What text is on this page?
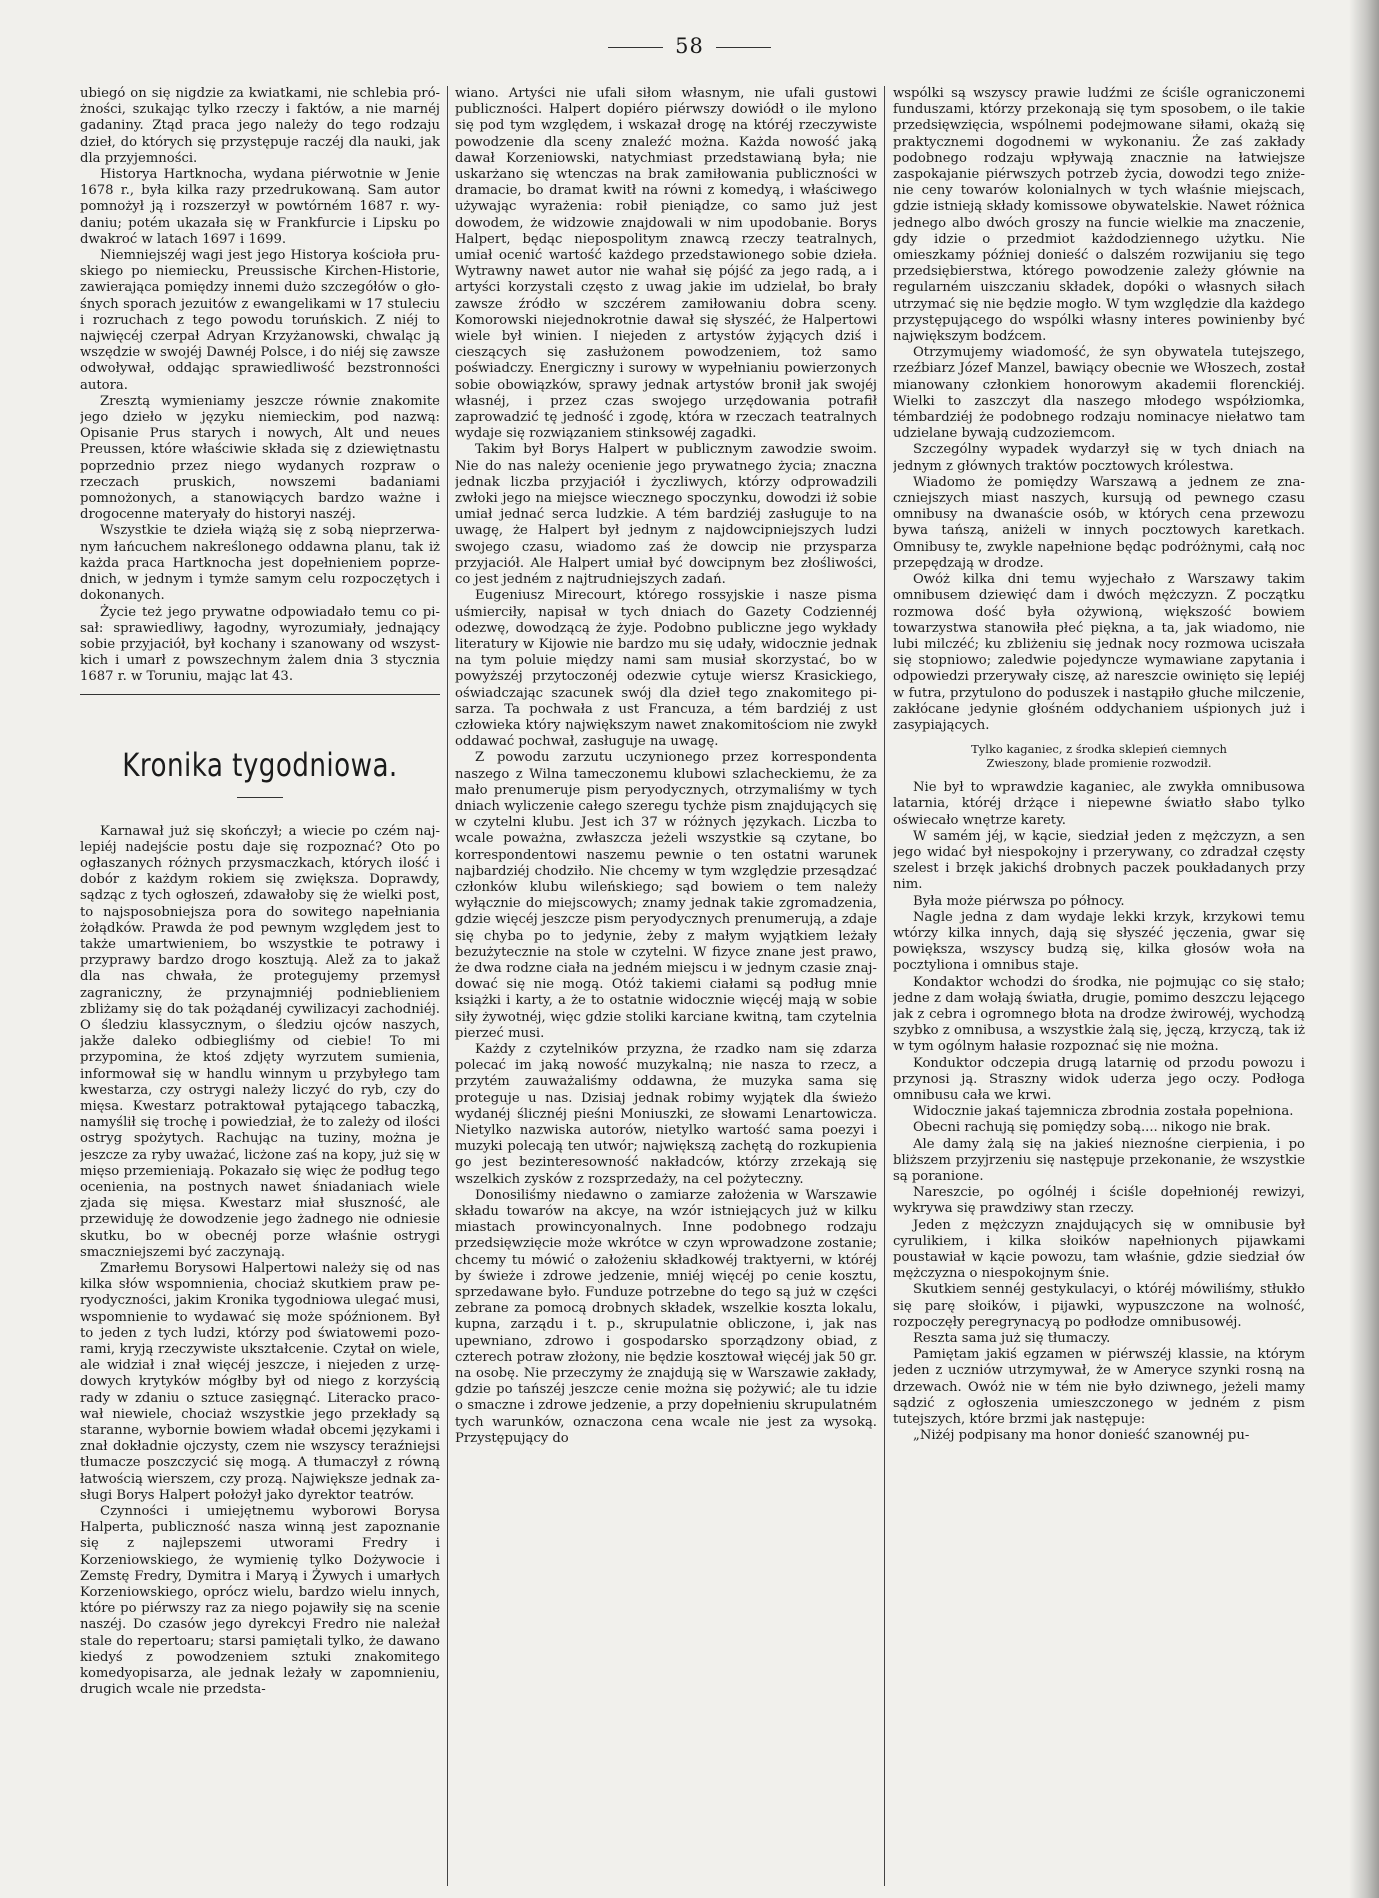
58

ubiegó on się nigdzie za kwiatkami, nie schlebia próżności, szukając tylko rzeczy i faktów, a nie marnéj gadaniny. Ztąd praca jego należy do tego rodzaju dzieł, do których się przystępuje raczéj dla nauki, jak dla przyjemności.

Historya Hartknocha, wydana piérwotnie w Jenie 1678 r., była kilka razy przedrukowaną. Sam autor pomnożył ją i rozszerzył w powtórném 1687 r. wydaniu; potém ukazała się w Frankfurcie i Lipsku po dwakroć w latach 1697 i 1699.

Niemniejszéj wagi jest jego Historya kościoła pruskiego po niemiecku, Preussische Kirchen-Historie, zawierająca pomiędzy innemi dużo szczegółów o głośnych sporach jezuitów z ewangelikami w 17 stuleciu i rozruchach z tego powodu toruńskich. Z niéj to najwięcéj czerpał Adryan Krzyżanowski, chwaląc ją wszędzie w swojéj Dawnéj Polsce, i do niéj się zawsze odwoływał, oddając sprawiedliwość bezstronności autora.

Zresztą wymieniamy jeszcze równie znakomite jego dzieło w języku niemieckim, pod nazwą: Opisanie Prus starych i nowych, Alt und neues Preussen, które właściwie składa się z dziewiętnastu poprzednio przez niego wydanych rozpraw o rzeczach pruskich, nowszemi badaniami pomnożonych, a stanowiących bardzo ważne i drogocenne materyały do historyi naszéj.

Wszystkie te dzieła wiążą się z sobą nieprzerwanym łańcuchem nakreślonego oddawna planu, tak iż każda praca Hartknocha jest dopełnieniem poprzednich, w jednym i tymże samym celu rozpoczętych i dokonanych.

Życie też jego prywatne odpowiadało temu co pisał: sprawiedliwy, łagodny, wyrozumiały, jednający sobie przyjaciół, był kochany i szanowany od wszystkich i umarł z powszechnym żalem dnia 3 stycznia 1687 r. w Toruniu, mając lat 43.

Kronika tygodniowa.

Karnawał już się skończył; a wiecie po czém najlepiéj nadejście postu daje się rozpoznać? Oto po ogłaszanych różnych przysmaczkach, których ilość i dobór z każdym rokiem się zwiększa. Doprawdy, sądząc z tych ogłoszeń, zdawałoby się że wielki post, to najsposobniejsza pora do sowitego napełniania żołądków. Prawda że pod pewnym względem jest to także umartwieniem, bo wszystkie te potrawy i przyprawy bardzo drogo kosztują. Alež za to jakaž dla nas chwała, że protegujemy przemysł zagraniczny, że przynajmniéj podnieblieniem zbliżamy się do tak pożądanéj cywilizacyi zachodniéj. O śledziu klassycznym, o śledziu ojców naszych, jakže daleko odbiegliśmy od ciebie! To mi przypomina, że ktoś zdjęty wyrzutem sumienia, informował się w handlu winnym u przybyłego tam kwestarza, czy ostrygi należy liczyć do ryb, czy do mięsa. Kwestarz potraktował pytającego tabaczką, namyślił się trochę i powiedział, że to zależy od ilości ostryg spożytych. Rachując na tuziny, można je jeszcze za ryby uważać, licżone zaś na kopy, już się w mięso przemieniają. Pokazało się więc że podług tego ocenienia, na postnych nawet śniadaniach wiele zjada się mięsa. Kwestarz miał słuszność, ale przewiduję że dowodzenie jego żadnego nie odniesie skutku, bo w obecnéj porze właśnie ostrygi smaczniejszemi być zaczynają.

Zmarłemu Borysowi Halpertowi należy się od nas kilka słów wspomnienia, chociaż skutkiem praw peryodyczności, jakim Kronika tygodniowa ulegać musi, wspomnienie to wydawać się może spóźnionem. Był to jeden z tych ludzi, którzy pod światowemi pozorami, kryją rzeczywiste ukształcenie. Czytał on wiele, ale widział i znał więcéj jeszcze, i niejeden z urzędowych krytyków mógłby był od niego z korzyścią rady w zdaniu o sztuce zasięgnąć. Literacko pracował niewiele, chociaż wszystkie jego przekłady są staranne, wybornie bowiem władał obcemi językami i znał dokładnie ojczysty, czem nie wszyscy teraźniejsi tłumacze poszczycić się mogą. A tłumaczył z równą łatwością wierszem, czy prozą. Największe jednak zasługi Borys Halpert położył jako dyrektor teatrów.

Czynności i umiejętnemu wyborowi Borysa Halperta, publiczność nasza winną jest zapoznanie się z najlepszemi utworami Fredry i Korzeniowskiego, że wymienię tylko Dożywocie i Zemstę Fredry, Dymitra i Maryą i Żywych i umarłych Korzeniowskiego, oprócz wielu, bardzo wielu innych, które po piérwszy raz za niego pojawiły się na scenie naszéj. Do czasów jego dyrekcyi Fredro nie należał stale do repertoaru; starsi pamiętali tylko, że dawano kiedyś z powodzeniem sztuki znakomitego komedyopisarza, ale jednak leżały w zapomnieniu, drugich wcale nie przedsta-

wiano. Artyści nie ufali siłom własnym, nie ufali gustowi publiczności. Halpert dopiéro piérwszy dowiódł o ile mylono się pod tym względem, i wskazał drogę na któréj rzeczywiste powodzenie dla sceny znaleźć można. Każda nowość jaką dawał Korzeniowski, natychmiast przedstawianą była; nie uskarżano się wtenczas na brak zamiłowania publiczności w dramacie, bo dramat kwitł na równi z komedyą, i właściwego używając wyrażenia: robił pieniądze, co samo już jest dowodem, że widzowie znajdowali w nim upodobanie. Borys Halpert, będąc niepospolitym znawcą rzeczy teatralnych, umiał ocenić wartość każdego przedstawionego sobie dzieła. Wytrawny nawet autor nie wahał się pójść za jego radą, a i artyści korzystali często z uwag jakie im udzielał, bo brały zawsze źródło w szczérem zamiłowaniu dobra sceny. Komorowski niejednokrotnie dawał się słyszéć, że Halpertowi wiele był winien. I niejeden z artystów żyjących dziś i cieszących się zasłużonem powodzeniem, toż samo poświadczy. Energiczny i surowy w wypełnianiu powierzonych sobie obowiązków, sprawy jednak artystów bronił jak swojéj własnéj, i przez czas swojego urzędowania potrafił zaprowadzić tę jedność i zgodę, która w rzeczach teatralnych wydaje się rozwiązaniem stinksowéj zagadki.

Takim był Borys Halpert w publicznym zawodzie swoim. Nie do nas należy ocenienie jego prywatnego życia; znaczna jednak liczba przyjaciół i życzliwych, którzy odprowadzili zwłoki jego na miejsce wiecznego spoczynku, dowodzi iż sobie umiał jednać serca ludzkie. A tém bardziéj zasługuje to na uwagę, że Halpert był jednym z najdowcipniejszych ludzi swojego czasu, wiadomo zaś że dowcip nie przysparza przyjaciół. Ale Halpert umiał być dowcipnym bez złośliwości, co jest jedném z najtrudniejszych zadań.

Eugeniusz Mirecourt, którego rossyjskie i nasze pisma uśmierciły, napisał w tych dniach do Gazety Codziennéj odezwę, dowodzącą że żyje. Podobno publiczne jego wykłady literatury w Kijowie nie bardzo mu się udały, widocznie jednak na tym poluie między nami sam musiał skorzystać, bo w powyższéj przytoczonéj odezwie cytuje wiersz Krasickiego, oświadczając szacunek swój dla dzieł tego znakomitego pisarza. Ta pochwała z ust Francuza, a tém bardziéj z ust człowieka który największym nawet znakomitościom nie zwykł oddawać pochwał, zasługuje na uwagę.

Z powodu zarzutu uczynionego przez korrespondenta naszego z Wilna tameczonemu klubowi szlacheckiemu, że za mało prenumeruje pism peryodycznych, otrzymaliśmy w tych dniach wyliczenie całego szeregu tychże pism znajdujących się w czytelni klubu. Jest ich 37 w różnych językach. Liczba to wcale poważna, zwłaszcza jeżeli wszystkie są czytane, bo korrespondentowi naszemu pewnie o ten ostatni warunek najbardziéj chodziło. Nie chcemy w tym względzie przesądzać członków klubu wileńskiego; sąd bowiem o tem należy wyłącznie do miejscowych; znamy jednak takie zgromadzenia, gdzie więcéj jeszcze pism peryodycznych prenumerują, a zdaje się chyba po to jedynie, żeby z małym wyjątkiem leżały bezużytecznie na stole w czytelni. W fizyce znane jest prawo, że dwa rodzne ciała na jedném miejscu i w jednym czasie znajdować się nie mogą. Otóż takiemi ciałami są podług mnie książki i karty, a że to ostatnie widocznie więcéj mają w sobie siły żywotnéj, więc gdzie stoliki karciane kwitną, tam czytelnia pierzeć musi.

Każdy z czytelników przyzna, że rzadko nam się zdarza polecać im jaką nowość muzykalną; nie nasza to rzecz, a przytém zauważaliśmy oddawna, że muzyka sama się proteguje u nas. Dzisiaj jednak robimy wyjątek dla świeżo wydanéj ślicznéj pieśni Moniuszki, ze słowami Lenartowicza. Nietylko nazwiska autorów, nietylko wartość sama poezyi i muzyki polecają ten utwór; największą zachętą do rozkupienia go jest bezinteresowność nakładców, którzy zrzekają się wszelkich zysków z rozsprzedaży, na cel pożyteczny.

Donosiliśmy niedawno o zamiarze założenia w Warszawie składu towarów na akcye, na wzór istniejących już w kilku miastach prowincyonalnych. Inne podobnego rodzaju przedsięwzięcie może wkrótce w czyn wprowadzone zostanie; chcemy tu mówić o założeniu składkowéj traktyerni, w któréj by świeże i zdrowe jedzenie, mniéj więcéj po cenie kosztu, sprzedawane było. Funduze potrzebne do tego są już w części zebrane za pomocą drobnych składek, wszelkie koszta lokalu, kupna, zarządu i t. p., skrupulatnie obliczone, i, jak nas upewniano, zdrowo i gospodarsko sporządzony obiad, z czterech potraw złożony, nie będzie kosztował więcéj jak 50 gr. na osobę. Nie przeczymy że znajdują się w Warszawie zakłady, gdzie po tańszéj jeszcze cenie można się pożywić; ale tu idzie o smaczne i zdrowe jedzenie, a przy dopełnieniu skrupulatném tych warunków, oznaczona cena wcale nie jest za wysoką. Przystępujący do

wspólki są wszyscy prawie ludźmi ze ściśle ograniczonemi funduszami, którzy przekonają się tym sposobem, o ile takie przedsięwzięcia, wspólnemi podejmowane siłami, okażą się praktycznemi dogodnemi w wykonaniu. Że zaś zakłady podobnego rodzaju wpływają znacznie na łatwiejsze zaspokajanie piérwszych potrzeb życia, dowodzi tego zniżenie ceny towarów kolonialnych w tych właśnie miejscach, gdzie istnieją składy komissowe obywatelskie. Nawet różnica jednego albo dwóch groszy na funcie wielkie ma znaczenie, gdy idzie o przedmiot każdodziennego użytku. Nie omieszkamy później donieść o dalszém rozwijaniu się tego przedsiębierstwa, którego powodzenie zależy głównie na regularném uiszczaniu składek, dopóki o własnych siłach utrzymać się nie będzie mogło. W tym względzie dla każdego przystępującego do wspólki własny interes powinienby być największym bodźcem.

Otrzymujemy wiadomość, że syn obywatela tutejszego, rzeźbiarz Józef Manzel, bawiący obecnie we Włoszech, został mianowany członkiem honorowym akademii florenckiéj. Wielki to zaszczyt dla naszego młodego współziomka, témbardziéj że podobnego rodzaju nominacye niełatwo tam udzielane bywają cudzoziemcom.

Szczególny wypadek wydarzył się w tych dniach na jednym z głównych traktów pocztowych królestwa.

Wiadomo że pomiędzy Warszawą a jednem ze znaczniejszych miast naszych, kursują od pewnego czasu omnibusy na dwanaście osób, w których cena przewozu bywa tańszą, aniżeli w innych pocztowych karetkach. Omnibusy te, zwykle napełnione będąc podróżnymi, całą noc przepędzają w drodze.

Owóż kilka dni temu wyjechało z Warszawy takim omnibusem dziewięć dam i dwóch mężczyzn. Z początku rozmowa dość była ożywioną, większość bowiem towarzystwa stanowiła płeć piękna, a ta, jak wiadomo, nie lubi milczéć; ku zbliżeniu się jednak nocy rozmowa uciszała się stopniowo; zaledwie pojedyncze wymawiane zapytania i odpowiedzi przerywały ciszę, aż nareszcie owinięto się lepiéj w futra, przytulono do poduszek i nastąpiło głuche milczenie, zakłócane jedynie głośném oddychaniem uśpionych już i zasypiających.

Tylko kaganiec, z środka sklepień ciemnych
Zwieszony, blade promienie rozwodził.

Nie był to wprawdzie kaganiec, ale zwykła omnibusowa latarnia, któréj drżące i niepewne światło słabo tylko oświecało wnętrze karety.

W samém jéj, w kącie, siedział jeden z mężczyzn, a sen jego widać był niespokojny i przerywany, co zdradzał częsty szelest i brzęk jakichś drobnych paczek poukładanych przy nim.

Była może piérwsza po północy.

Nagle jedna z dam wydaje lekki krzyk, krzykowi temu wtórzy kilka innych, dają się słyszéć jęczenia, gwar się powiększa, wszyscy budzą się, kilka głosów woła na pocztyliona i omnibus staje.

Kondaktor wchodzi do środka, nie pojmując co się stało; jedne z dam wołają światła, drugie, pomimo deszczu lejącego jak z cebra i ogromnego błota na drodze żwirowéj, wychodzą szybko z omnibusa, a wszystkie żalą się, jęczą, krzyczą, tak iż w tym ogólnym hałasie rozpoznać się nie można.

Konduktor odczepia drugą latarnię od przodu powozu i przynosi ją. Straszny widok uderza jego oczy. Podłoga omnibusu cała we krwi.

Widocznie jakaś tajemnicza zbrodnia została popełniona.

Obecni rachują się pomiędzy sobą.... nikogo nie brak.

Ale damy żalą się na jakieś nieznośne cierpienia, i po bliższem przyjrzeniu się następuje przekonanie, że wszystkie są poranione.

Nareszcie, po ogólnéj i ściśle dopełnionéj rewizyi, wykrywa się prawdziwy stan rzeczy.

Jeden z mężczyzn znajdujących się w omnibusie był cyrulikiem, i kilka słoików napełnionych pijawkami poustawiał w kącie powozu, tam właśnie, gdzie siedział ów mężczyzna o niespokojnym śnie.

Skutkiem sennéj gestykulacyi, o któréj mówiliśmy, stłukło się parę słoików, i pijawki, wypuszczone na wolność, rozpoczęły peregrynacyą po podłodze omnibusowéj.

Reszta sama już się tłumaczy.

Pamiętam jakiś egzamen w piérwszéj klassie, na którym jeden z uczniów utrzymywał, że w Ameryce szynki rosną na drzewach. Owóż nie w tém nie było dziwnego, jeżeli mamy sądzić z ogłoszenia umieszczonego w jedném z pism tutejszych, które brzmi jak następuje:

„Niżéj podpisany ma honor donieść szanownéj pu-
